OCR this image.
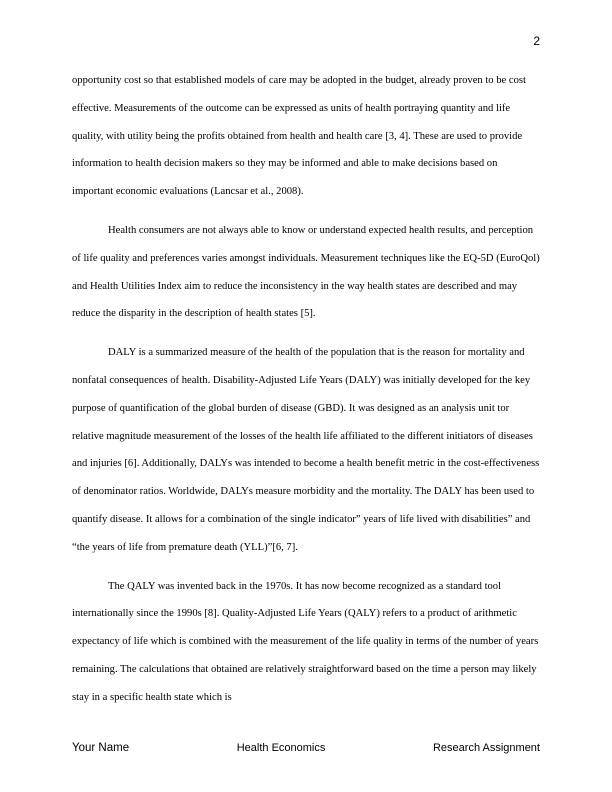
2

opportunity cost so that established models of care may be adopted in the budget, already proven to be cost effective. Measurements of the outcome can be expressed as units of health portraying quantity and life quality, with utility being the profits obtained from health and health care [3, 4]. These are used to provide information to health decision makers so they may be informed and able to make decisions based on important economic evaluations (Lancsar et al., 2008).

Health consumers are not always able to know or understand expected health results, and perception of life quality and preferences varies amongst individuals. Measurement techniques like the EQ-5D (EuroQol) and Health Utilities Index aim to reduce the inconsistency in the way health states are described and may reduce the disparity in the description of health states [5].

DALY is a summarized measure of the health of the population that is the reason for mortality and nonfatal consequences of health. Disability-Adjusted Life Years (DALY) was initially developed for the key purpose of quantification of the global burden of disease (GBD). It was designed as an analysis unit tor relative magnitude measurement of the losses of the health life affiliated to the different initiators of diseases and injuries [6]. Additionally, DALYs was intended to become a health benefit metric in the cost-effectiveness of denominator ratios. Worldwide, DALYs measure morbidity and the mortality. The DALY has been used to quantify disease. It allows for a combination of the single indicator” years of life lived with disabilities” and “the years of life from premature death (YLL)”[6, 7].

The QALY was invented back in the 1970s. It has now become recognized as a standard tool internationally since the 1990s [8]. Quality-Adjusted Life Years (QALY) refers to a product of arithmetic expectancy of life which is combined with the measurement of the life quality in terms of the number of years remaining. The calculations that obtained are relatively straightforward based on the time a person may likely stay in a specific health state which is

Your Name	Health Economics	Research Assignment
